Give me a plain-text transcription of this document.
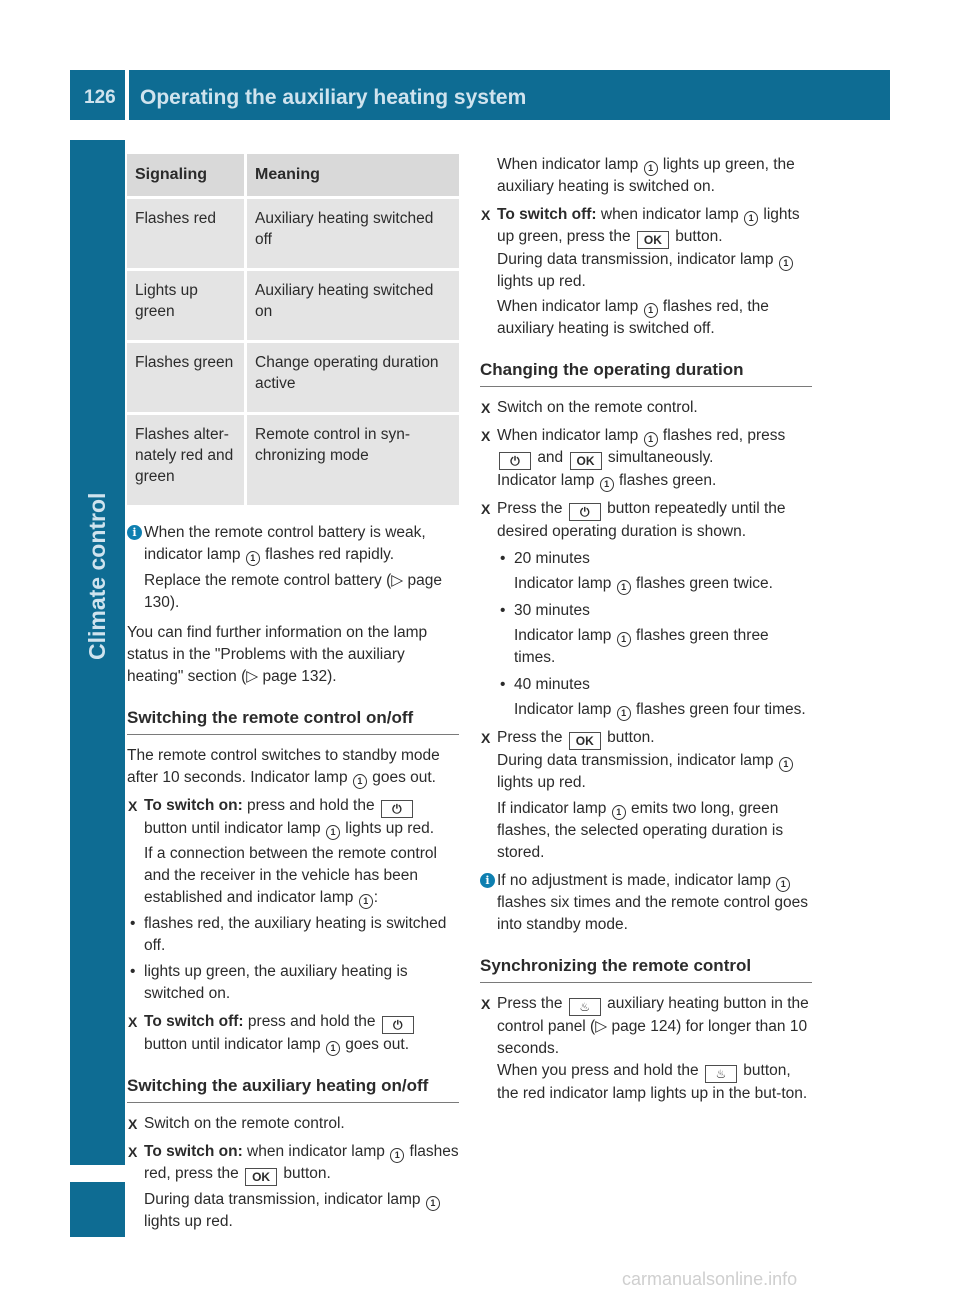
126 Operating the auxiliary heating system
Climate control
Signaling	Meaning
Flashes red	Auxiliary heating switched off
Lights up green	Auxiliary heating switched on
Flashes green	Change operating duration active
Flashes alter-nately red and green	Remote control in syn-chronizing mode
i When the remote control battery is weak, indicator lamp 1 flashes red rapidly.

Replace the remote control battery (▷ page 130).

You can find further information on the lamp status in the "Problems with the auxiliary heating" section (▷ page 132).

Switching the remote control on/off

The remote control switches to standby mode after 10 seconds. Indicator lamp 1 goes out.

X To switch on: press and hold the ⏻ button until indicator lamp 1 lights up red.

If a connection between the remote control and the receiver in the vehicle has been established and indicator lamp 1 :

• flashes red, the auxiliary heating is switched off.
• lights up green, the auxiliary heating is switched on.
X To switch off: press and hold the ⏻ button until indicator lamp 1 goes out.
Switching the auxiliary heating on/off
X Switch on the remote control.
X To switch on: when indicator lamp 1 flashes red, press the OK button.

During data transmission, indicator lamp 1 lights up red.

When indicator lamp 1 lights up green, the auxiliary heating is switched on.

X To switch off: when indicator lamp 1 lights up green, press the OK button.

During data transmission, indicator lamp 1 lights up red.

When indicator lamp 1 flashes red, the auxiliary heating is switched off.

Changing the operating duration
X Switch on the remote control.
X When indicator lamp 1 flashes red, press ⏻ and OK simultaneously.

Indicator lamp 1 flashes green.

X Press the ⏻ button repeatedly until the desired operating duration is shown.
• 20 minutes

Indicator lamp 1 flashes green twice.

• 30 minutes

Indicator lamp 1 flashes green three times.

• 40 minutes

Indicator lamp 1 flashes green four times.

X Press the OK button.

During data transmission, indicator lamp 1 lights up red.

If indicator lamp 1 emits two long, green flashes, the selected operating duration is stored.

i If no adjustment is made, indicator lamp 1 flashes six times and the remote control goes into standby mode.
Synchronizing the remote control
X Press the ♨ auxiliary heating button in the control panel (▷ page 124) for longer than 10 seconds.

When you press and hold the ♨ button, the red indicator lamp lights up in the but-ton.

carmanualsonline.info
